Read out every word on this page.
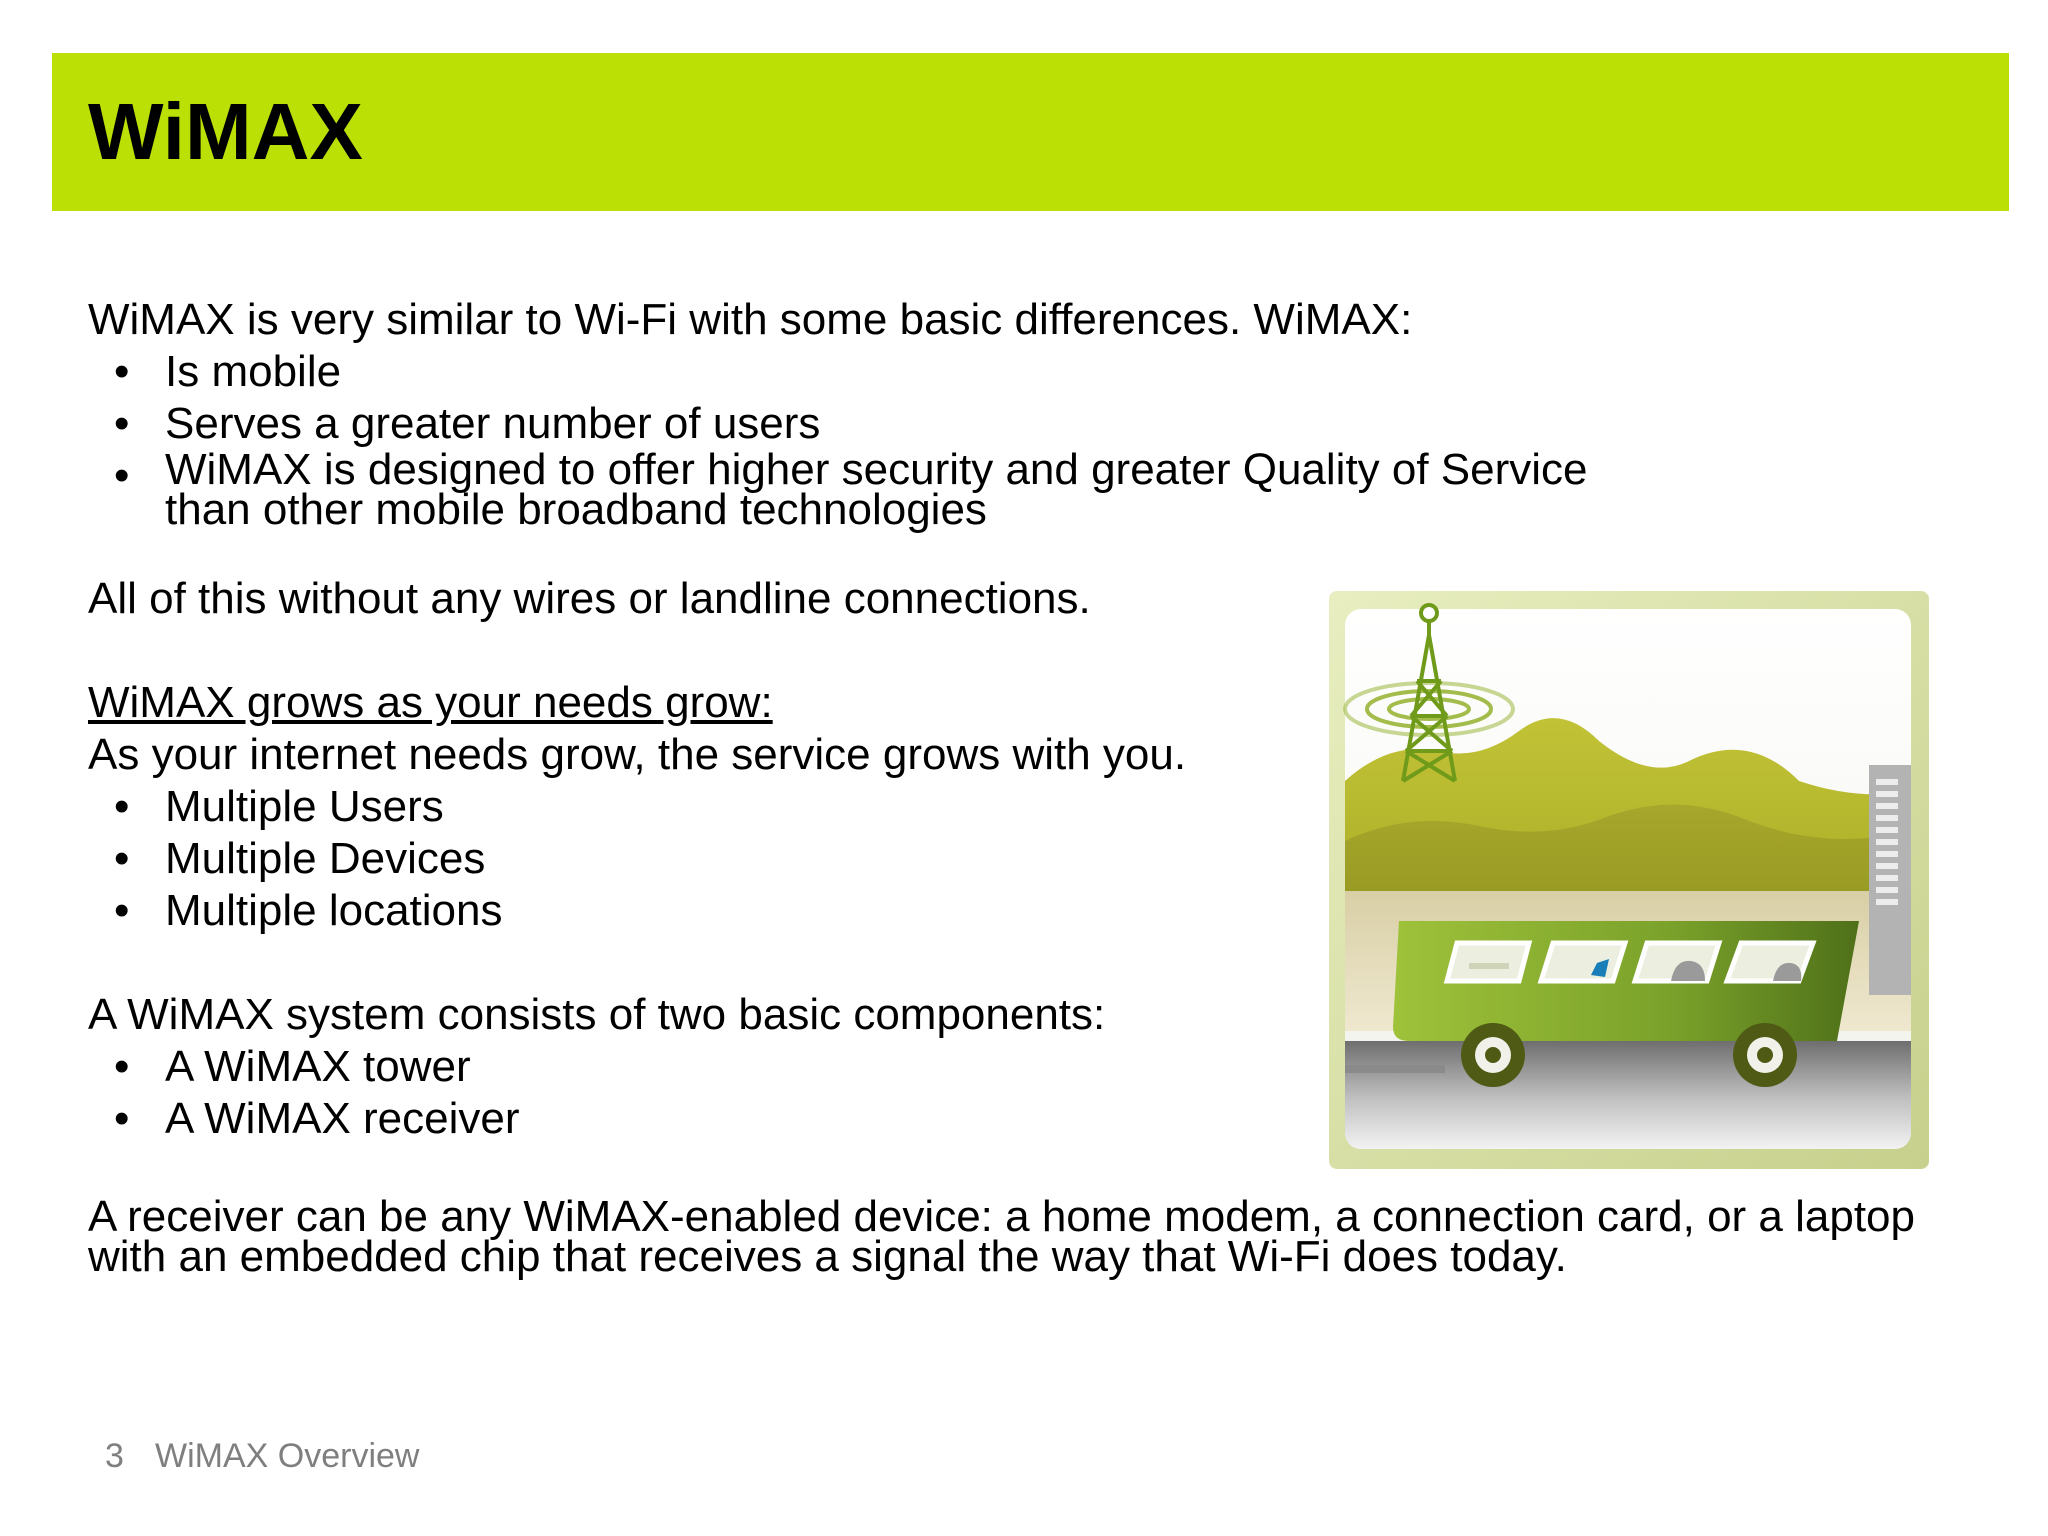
WiMAX

WiMAX is very similar to Wi-Fi with some basic differences. WiMAX:

• Is mobile
• Serves a greater number of users
• WiMAX is designed to offer higher security and greater Quality of Service than other mobile broadband technologies

All of this without any wires or landline connections.

WiMAX grows as your needs grow:

As your internet needs grow, the service grows with you.

• Multiple Users
• Multiple Devices
• Multiple locations

A WiMAX system consists of two basic components:

• A WiMAX tower
• A WiMAX receiver

A receiver can be any WiMAX-enabled device: a home modem, a connection card, or a laptop with an embedded chip that receives a signal the way that Wi-Fi does today.

3 WiMAX Overview
